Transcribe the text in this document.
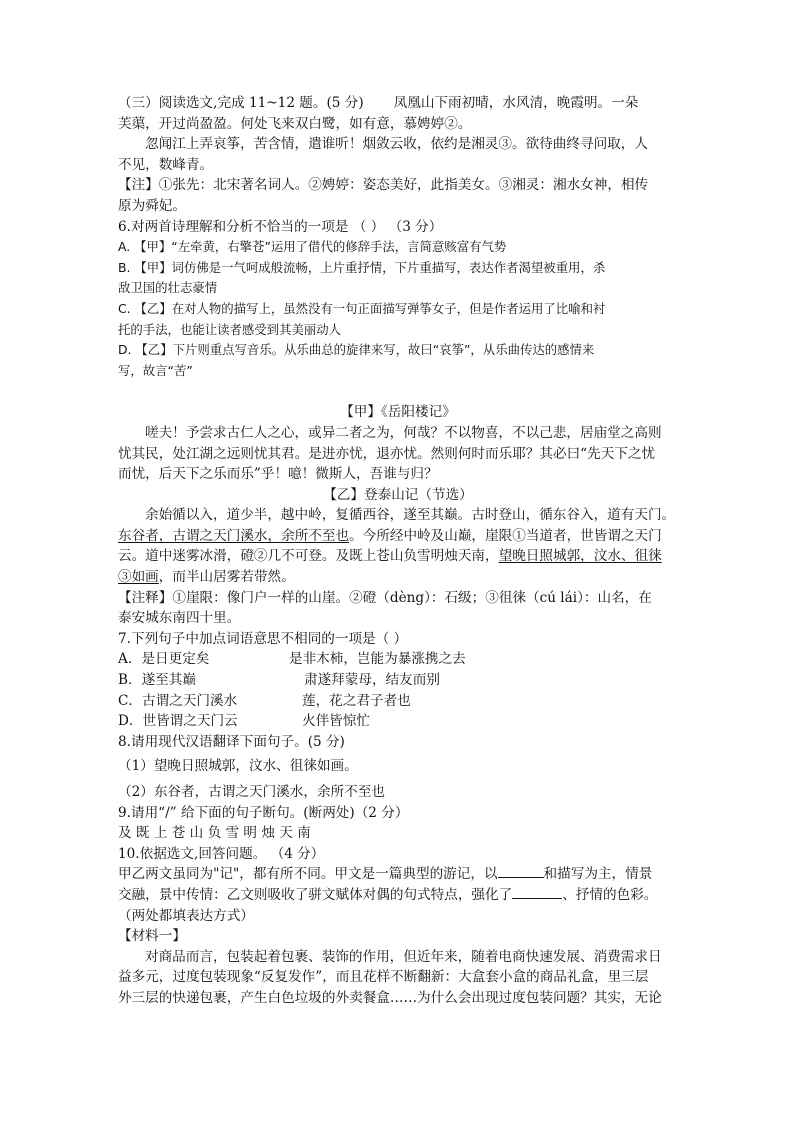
（三）阅读选文,完成 11~12 题。(5 分) 凤凰山下雨初晴，水风清，晚霞明。一朵
芙蕖，开过尚盈盈。何处飞来双白鹭，如有意，慕娉婷②。
忽闻江上弄哀筝，苦含情，遣谁听！烟敛云收，依约是湘灵③。欲待曲终寻问取，人
不见，数峰青。
【注】①张先：北宋著名词人。②娉婷：姿态美好，此指美女。③湘灵：湘水女神，相传
原为舜妃。
6.对两首诗理解和分析不恰当的一项是 （ ） （3 分）
A. 【甲】“左牵黄，右擎苍”运用了借代的修辞手法，言简意赅富有气势
B. 【甲】词仿佛是一气呵成般流畅，上片重抒情，下片重描写，表达作者渴望被重用，杀
敌卫国的壮志豪情
C. 【乙】在对人物的描写上，虽然没有一句正面描写弹筝女子，但是作者运用了比喻和衬
托的手法，也能让读者感受到其美丽动人
D. 【乙】下片则重点写音乐。从乐曲总的旋律来写，故曰“哀筝”，从乐曲传达的感情来
写，故言“苦”
【甲】《岳阳楼记》
嗟夫！予尝求古仁人之心，或异二者之为，何哉？不以物喜，不以己悲，居庙堂之高则
忧其民，处江湖之远则忧其君。是进亦忧，退亦忧。然则何时而乐耶？其必曰“先天下之忧
而忧，后天下之乐而乐”乎！噫！微斯人，吾谁与归？
【乙】登泰山记（节选）
余始循以入，道少半，越中岭，复循西谷，遂至其巅。古时登山，循东谷入，道有天门。
东谷者，古谓之天门溪水，余所不至也。今所经中岭及山巅，崖限①当道者，世皆谓之天门
云。道中迷雾冰滑，磴②几不可登。及既上苍山负雪明烛天南，望晚日照城郭，汶水、徂徕
③如画，而半山居雾若带然。
【注释】①崖限：像门户一样的山崖。②磴（dèng）：石级；③徂徕（cú lái）：山名，在
泰安城东南四十里。
7.下列句子中加点词语意思不相同的一项是（ ）
A．是日更定矣	是非木柿，岂能为暴涨携之去
B．遂至其巅	肃遂拜蒙母，结友而别
C．古谓之天门溪水	莲，花之君子者也
D．世皆谓之天门云	火伴皆惊忙
8.请用现代汉语翻译下面句子。(5 分)
（1）望晚日照城郭，汶水、徂徕如画。
（2）东谷者，古谓之天门溪水，余所不至也
9.请用“/” 给下面的句子断句。(断两处)（2 分）
及 既 上 苍 山 负 雪 明 烛 天 南
10.依据选文,回答问题。 （4 分）
甲乙两文虽同为"记"，都有所不同。甲文是一篇典型的游记，以	和描写为主，情景
交融，景中传情：乙文则吸收了骈文赋体对偶的句式特点，强化了	、抒情的色彩。
（两处都填表达方式）
【材料一】
对商品而言，包装起着包裹、装饰的作用，但近年来，随着电商快速发展、消费需求日
益多元，过度包装现象“反复发作”，而且花样不断翻新：大盒套小盒的商品礼盒，里三层
外三层的快递包裹，产生白色垃圾的外卖餐盒……为什么会出现过度包装问题？其实，无论
